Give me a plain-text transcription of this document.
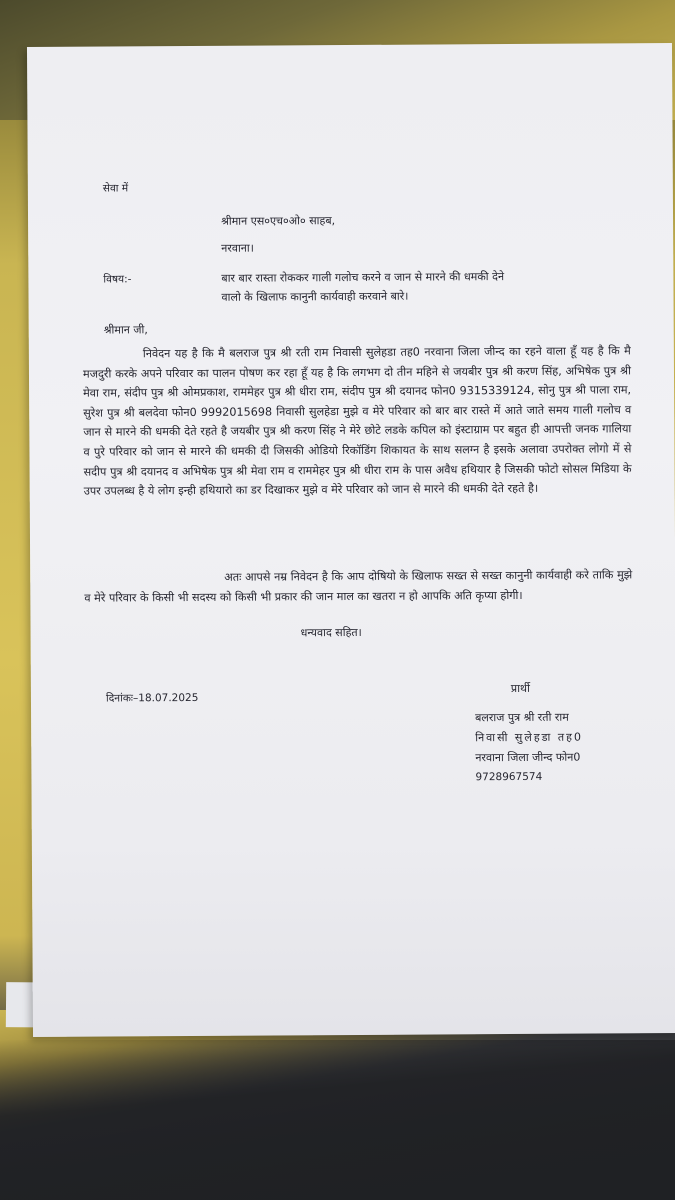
सेवा में
श्रीमान एस०एच०ओ० साहब,
नरवाना।
विषय:-	बार बार रास्ता रोककर गाली गलोच करने व जान से मारने की धमकी देने
वालो के खिलाफ कानुनी कार्यवाही करवाने बारे।
श्रीमान जी,
निवेदन यह है कि मै बलराज पुत्र श्री रती राम निवासी सुलेहडा तह0 नरवाना जिला जीन्द का रहने वाला हूँ यह है कि मै मजदुरी करके अपने परिवार का पालन पोषण कर रहा हूँ यह है कि लगभग दो तीन महिने से जयबीर पुत्र श्री करण सिंह, अभिषेक पुत्र श्री मेवा राम, संदीप पुत्र श्री ओमप्रकाश, राममेहर पुत्र श्री धीरा राम, संदीप पुत्र श्री दयानद फोन0 9315339124, सोनु पुत्र श्री पाला राम, सुरेश पुत्र श्री बलदेवा फोन0 9992015698 निवासी सुलहेडा मुझे व मेरे परिवार को बार बार रास्ते में आते जाते समय गाली गलोच व जान से मारने की धमकी देते रहते है जयबीर पुत्र श्री करण सिंह ने मेरे छोटे लडके कपिल को इंस्टाग्राम पर बहुत ही आपत्ती जनक गालिया व पुरे परिवार को जान से मारने की धमकी दी जिसकी ओडियो रिकॉडिंग शिकायत के साथ सलग्न है इसके अलावा उपरोक्त लोगो में से सदीप पुत्र श्री दयानद व अभिषेक पुत्र श्री मेवा राम व राममेहर पुत्र श्री धीरा राम के पास अवैध हथियार है जिसकी फोटो सोसल मिडिया के उपर उपलब्ध है ये लोग इन्ही हथियारो का डर दिखाकर मुझे व मेरे परिवार को जान से मारने की धमकी देते रहते है।
अतः आपसे नम्र निवेदन है कि आप दोषियो के खिलाफ सख्त से सख्त कानुनी कार्यवाही करे ताकि मुझे व मेरे परिवार के किसी भी सदस्य को किसी भी प्रकार की जान माल का खतरा न हो आपकि अति कृप्या होगी।
धन्यवाद सहित।
दिनांकः–18.07.2025
प्रार्थी
बलराज पुत्र श्री रती राम
निवासी सुलेहडा तह0
नरवाना जिला जीन्द फोन0
9728967574
